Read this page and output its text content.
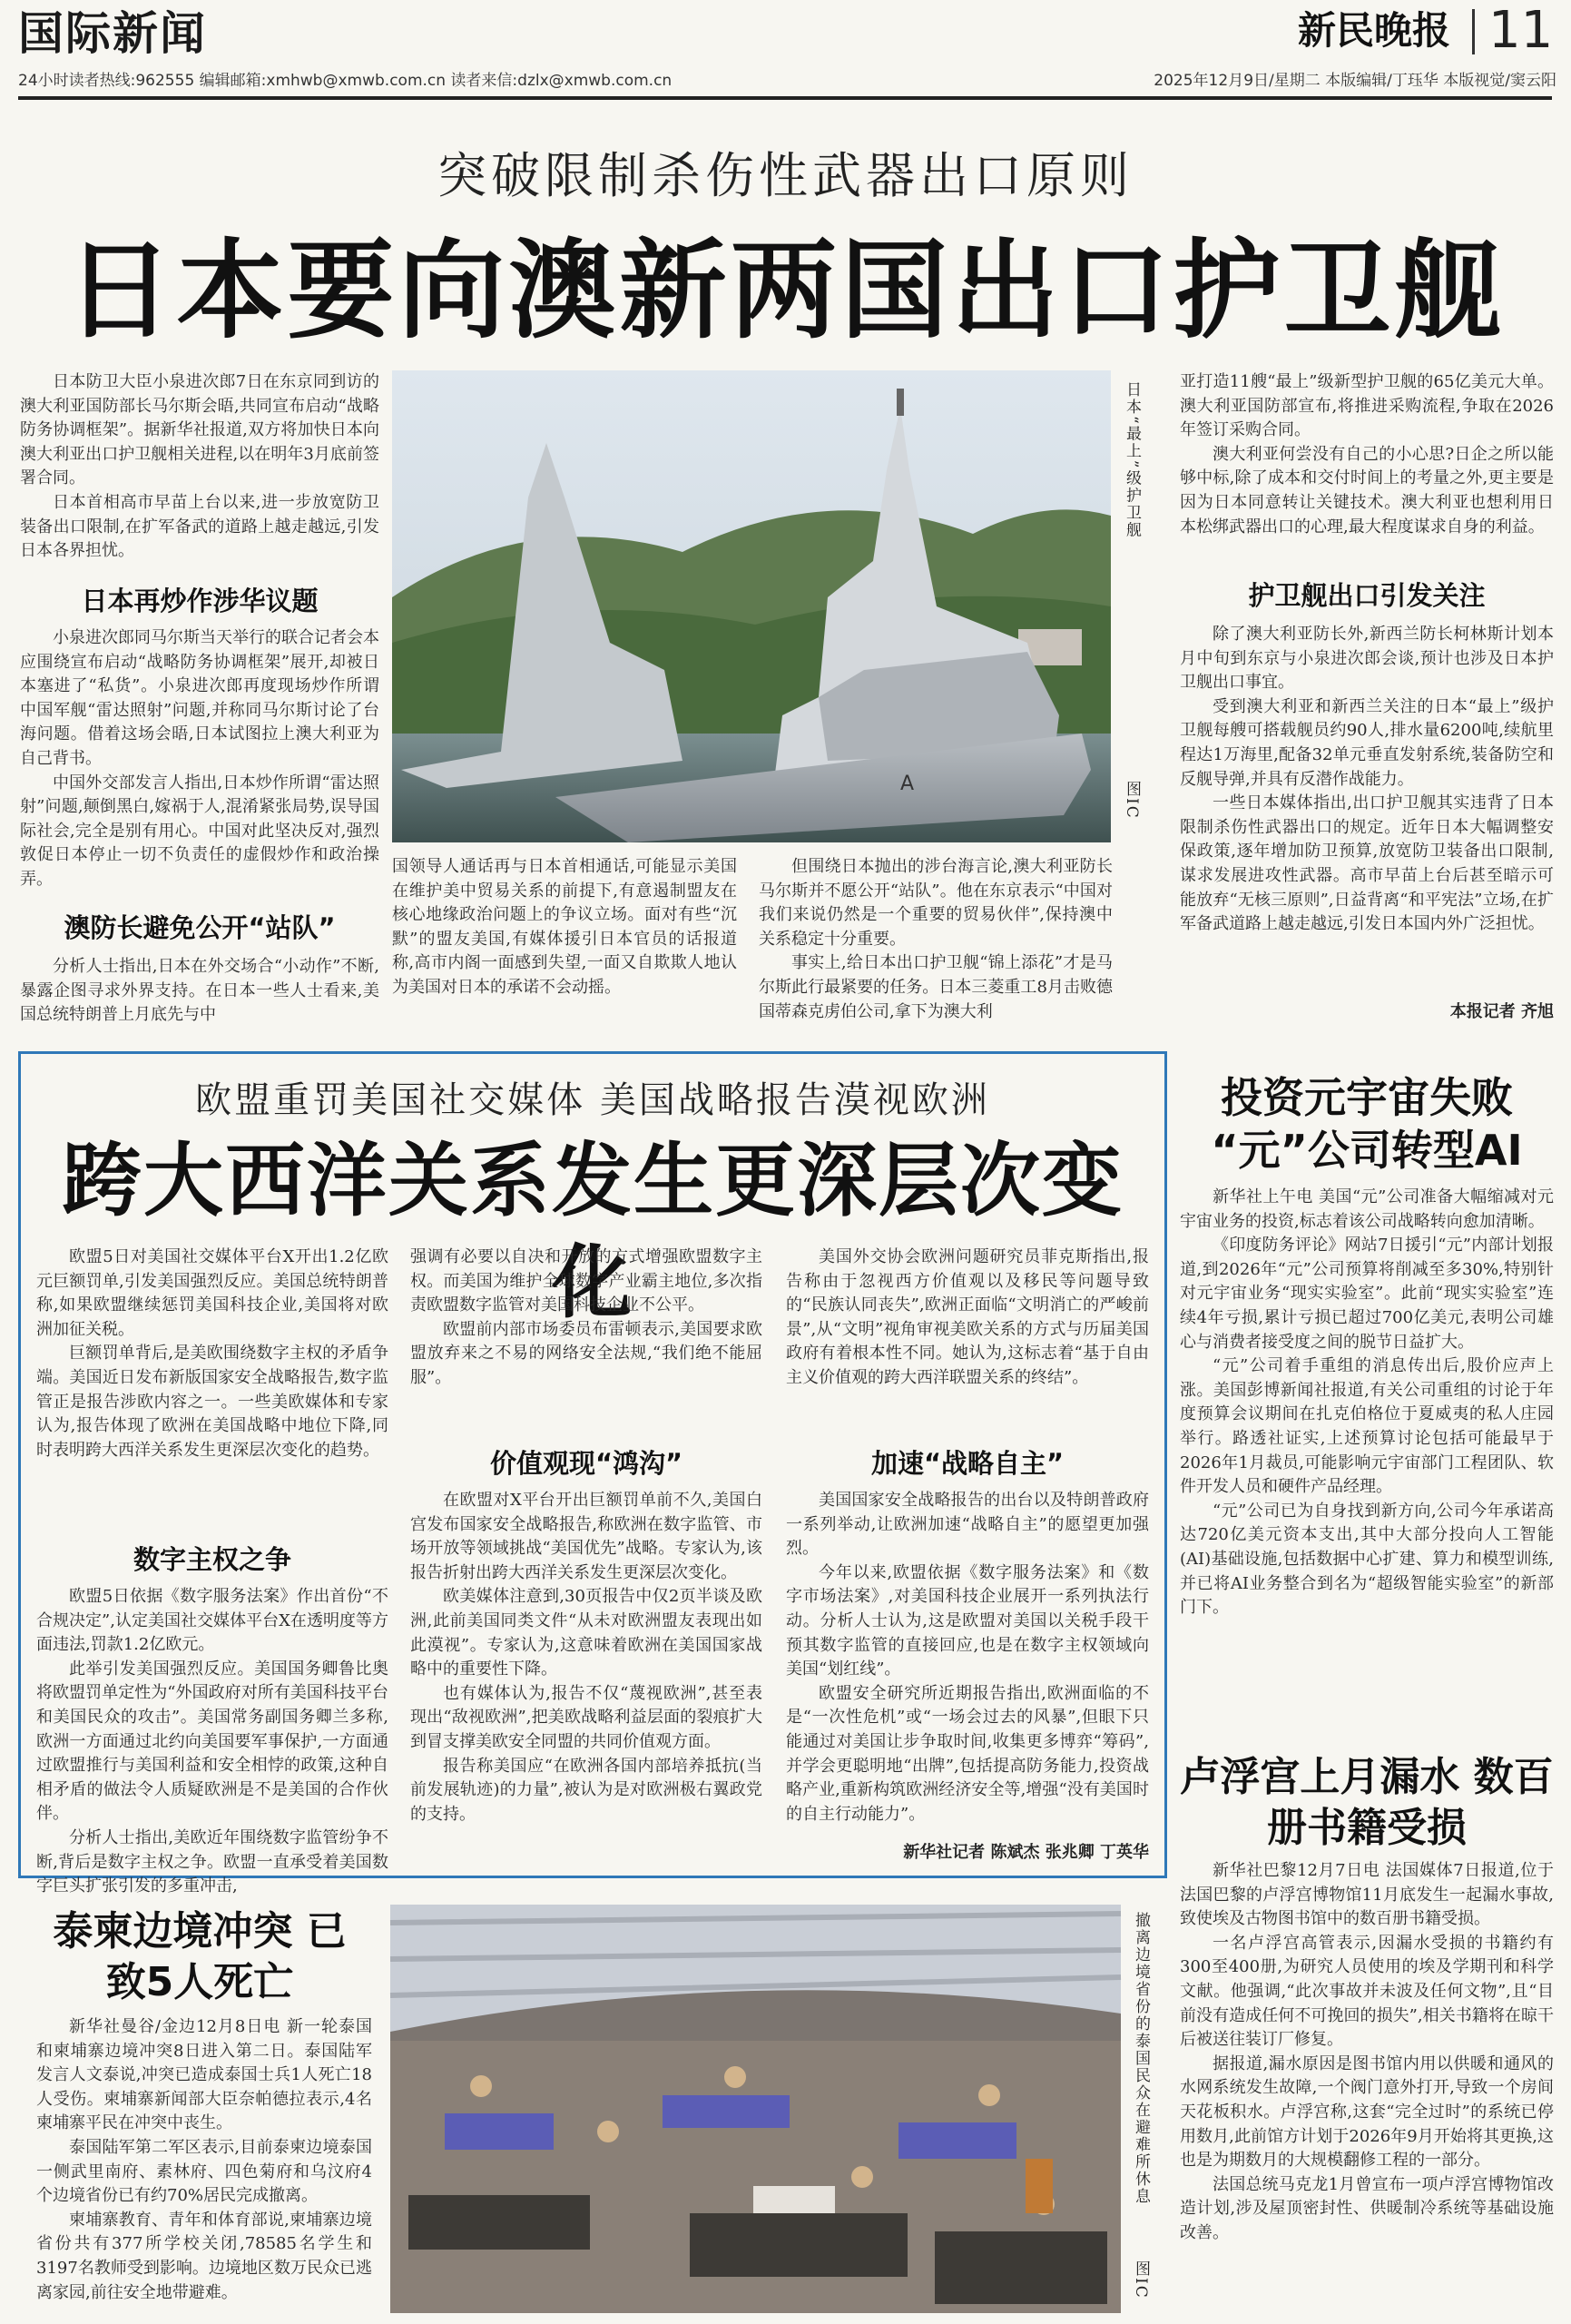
国际新闻	新民晚报 11
24小时读者热线:962555 编辑邮箱:xmhwb@xmwb.com.cn 读者来信:dzlx@xmwb.com.cn	2025年12月9日/星期二 本版编辑/丁珏华 本版视觉/窦云阳
突破限制杀伤性武器出口原则
日本要向澳新两国出口护卫舰

日本防卫大臣小泉进次郎7日在东京同到访的澳大利亚国防部长马尔斯会晤,共同宣布启动“战略防务协调框架”。据新华社报道,双方将加快日本向澳大利亚出口护卫舰相关进程,以在明年3月底前签署合同。

日本首相高市早苗上台以来,进一步放宽防卫装备出口限制,在扩军备武的道路上越走越远,引发日本各界担忧。

日本再炒作涉华议题

小泉进次郎同马尔斯当天举行的联合记者会本应围绕宣布启动“战略防务协调框架”展开,却被日本塞进了“私货”。小泉进次郎再度现场炒作所谓中国军舰“雷达照射”问题,并称同马尔斯讨论了台海问题。借着这场会晤,日本试图拉上澳大利亚为自己背书。

中国外交部发言人指出,日本炒作所谓“雷达照射”问题,颠倒黑白,嫁祸于人,混淆紧张局势,误导国际社会,完全是别有用心。中国对此坚决反对,强烈敦促日本停止一切不负责任的虚假炒作和政治操弄。

澳防长避免公开“站队”

分析人士指出,日本在外交场合“小动作”不断,暴露企图寻求外界支持。在日本一些人士看来,美国总统特朗普上月底先与中

A
日本“最上”级护卫舰
图IC

国领导人通话再与日本首相通话,可能显示美国在维护美中贸易关系的前提下,有意遏制盟友在核心地缘政治问题上的争议立场。面对有些“沉默”的盟友美国,有媒体援引日本官员的话报道称,高市内阁一面感到失望,一面又自欺欺人地认为美国对日本的承诺不会动摇。

但围绕日本抛出的涉台海言论,澳大利亚防长马尔斯并不愿公开“站队”。他在东京表示“中国对我们来说仍然是一个重要的贸易伙伴”,保持澳中关系稳定十分重要。

事实上,给日本出口护卫舰“锦上添花”才是马尔斯此行最紧要的任务。日本三菱重工8月击败德国蒂森克虏伯公司,拿下为澳大利

亚打造11艘“最上”级新型护卫舰的65亿美元大单。澳大利亚国防部宣布,将推进采购流程,争取在2026年签订采购合同。

澳大利亚何尝没有自己的小心思?日企之所以能够中标,除了成本和交付时间上的考量之外,更主要是因为日本同意转让关键技术。澳大利亚也想利用日本松绑武器出口的心理,最大程度谋求自身的利益。

护卫舰出口引发关注

除了澳大利亚防长外,新西兰防长柯林斯计划本月中旬到东京与小泉进次郎会谈,预计也涉及日本护卫舰出口事宜。

受到澳大利亚和新西兰关注的日本“最上”级护卫舰每艘可搭载舰员约90人,排水量6200吨,续航里程达1万海里,配备32单元垂直发射系统,装备防空和反舰导弹,并具有反潜作战能力。

一些日本媒体指出,出口护卫舰其实违背了日本限制杀伤性武器出口的规定。近年日本大幅调整安保政策,逐年增加防卫预算,放宽防卫装备出口限制,谋求发展进攻性武器。高市早苗上台后甚至暗示可能放弃“无核三原则”,日益背离“和平宪法”立场,在扩军备武道路上越走越远,引发日本国内外广泛担忧。

本报记者 齐旭
欧盟重罚美国社交媒体 美国战略报告漠视欧洲
跨大西洋关系发生更深层次变化

欧盟5日对美国社交媒体平台X开出1.2亿欧元巨额罚单,引发美国强烈反应。美国总统特朗普称,如果欧盟继续惩罚美国科技企业,美国将对欧洲加征关税。

巨额罚单背后,是美欧围绕数字主权的矛盾争端。美国近日发布新版国家安全战略报告,数字监管正是报告涉欧内容之一。一些美欧媒体和专家认为,报告体现了欧洲在美国战略中地位下降,同时表明跨大西洋关系发生更深层次变化的趋势。

数字主权之争

欧盟5日依据《数字服务法案》作出首份“不合规决定”,认定美国社交媒体平台X在透明度等方面违法,罚款1.2亿欧元。

此举引发美国强烈反应。美国国务卿鲁比奥将欧盟罚单定性为“外国政府对所有美国科技平台和美国民众的攻击”。美国常务副国务卿兰多称,欧洲一方面通过北约向美国要军事保护,一方面通过欧盟推行与美国利益和安全相悖的政策,这种自相矛盾的做法令人质疑欧洲是不是美国的合作伙伴。

分析人士指出,美欧近年围绕数字监管纷争不断,背后是数字主权之争。欧盟一直承受着美国数字巨头扩张引发的多重冲击,

强调有必要以自决和开放的方式增强欧盟数字主权。而美国为维护全球数字产业霸主地位,多次指责欧盟数字监管对美国科技企业不公平。

欧盟前内部市场委员布雷顿表示,美国要求欧盟放弃来之不易的网络安全法规,“我们绝不能屈服”。

价值观现“鸿沟”

在欧盟对X平台开出巨额罚单前不久,美国白宫发布国家安全战略报告,称欧洲在数字监管、市场开放等领域挑战“美国优先”战略。专家认为,该报告折射出跨大西洋关系发生更深层次变化。

欧美媒体注意到,30页报告中仅2页半谈及欧洲,此前美国同类文件“从未对欧洲盟友表现出如此漠视”。专家认为,这意味着欧洲在美国国家战略中的重要性下降。

也有媒体认为,报告不仅“蔑视欧洲”,甚至表现出“敌视欧洲”,把美欧战略利益层面的裂痕扩大到冒支撑美欧安全同盟的共同价值观方面。

报告称美国应“在欧洲各国内部培养抵抗(当前发展轨迹)的力量”,被认为是对欧洲极右翼政党的支持。

美国外交协会欧洲问题研究员菲克斯指出,报告称由于忽视西方价值观以及移民等问题导致的“民族认同丧失”,欧洲正面临“文明消亡的严峻前景”,从“文明”视角审视美欧关系的方式与历届美国政府有着根本性不同。她认为,这标志着“基于自由主义价值观的跨大西洋联盟关系的终结”。

加速“战略自主”

美国国家安全战略报告的出台以及特朗普政府一系列举动,让欧洲加速“战略自主”的愿望更加强烈。

今年以来,欧盟依据《数字服务法案》和《数字市场法案》,对美国科技企业展开一系列执法行动。分析人士认为,这是欧盟对美国以关税手段干预其数字监管的直接回应,也是在数字主权领域向美国“划红线”。

欧盟安全研究所近期报告指出,欧洲面临的不是“一次性危机”或“一场会过去的风暴”,但眼下只能通过对美国让步争取时间,收集更多博弈“筹码”,并学会更聪明地“出牌”,包括提高防务能力,投资战略产业,重新构筑欧洲经济安全等,增强“没有美国时的自主行动能力”。

新华社记者 陈斌杰 张兆卿 丁英华
投资元宇宙失败 “元”公司转型AI

新华社上午电 美国“元”公司准备大幅缩减对元宇宙业务的投资,标志着该公司战略转向愈加清晰。

《印度防务评论》网站7日援引“元”内部计划报道,到2026年“元”公司预算将削减至多30%,特别针对元宇宙业务“现实实验室”。此前“现实实验室”连续4年亏损,累计亏损已超过700亿美元,表明公司雄心与消费者接受度之间的脱节日益扩大。

“元”公司着手重组的消息传出后,股价应声上涨。美国彭博新闻社报道,有关公司重组的讨论于年度预算会议期间在扎克伯格位于夏威夷的私人庄园举行。路透社证实,上述预算讨论包括可能最早于2026年1月裁员,可能影响元宇宙部门工程团队、软件开发人员和硬件产品经理。

“元”公司已为自身找到新方向,公司今年承诺高达720亿美元资本支出,其中大部分投向人工智能(AI)基础设施,包括数据中心扩建、算力和模型训练,并已将AI业务整合到名为“超级智能实验室”的新部门下。

卢浮宫上月漏水 数百册书籍受损

新华社巴黎12月7日电 法国媒体7日报道,位于法国巴黎的卢浮宫博物馆11月底发生一起漏水事故,致使埃及古物图书馆中的数百册书籍受损。

一名卢浮宫高管表示,因漏水受损的书籍约有300至400册,为研究人员使用的埃及学期刊和科学文献。他强调,“此次事故并未波及任何文物”,且“目前没有造成任何不可挽回的损失”,相关书籍将在晾干后被送往装订厂修复。

据报道,漏水原因是图书馆内用以供暖和通风的水网系统发生故障,一个阀门意外打开,导致一个房间天花板积水。卢浮宫称,这套“完全过时”的系统已停用数月,此前馆方计划于2026年9月开始将其更换,这也是为期数月的大规模翻修工程的一部分。

法国总统马克龙1月曾宣布一项卢浮宫博物馆改造计划,涉及屋顶密封性、供暖制冷系统等基础设施改善。

泰柬边境冲突 已致5人死亡

新华社曼谷/金边12月8日电 新一轮泰国和柬埔寨边境冲突8日进入第二日。泰国陆军发言人文泰说,冲突已造成泰国士兵1人死亡18人受伤。柬埔寨新闻部大臣奈帕德拉表示,4名柬埔寨平民在冲突中丧生。

泰国陆军第二军区表示,目前泰柬边境泰国一侧武里南府、素林府、四色菊府和乌汶府4个边境省份已有约70%居民完成撤离。

柬埔寨教育、青年和体育部说,柬埔寨边境省份共有377所学校关闭,78585名学生和3197名教师受到影响。边境地区数万民众已逃离家园,前往安全地带避难。

撤离边境省份的泰国民众在避难所休息
图IC
